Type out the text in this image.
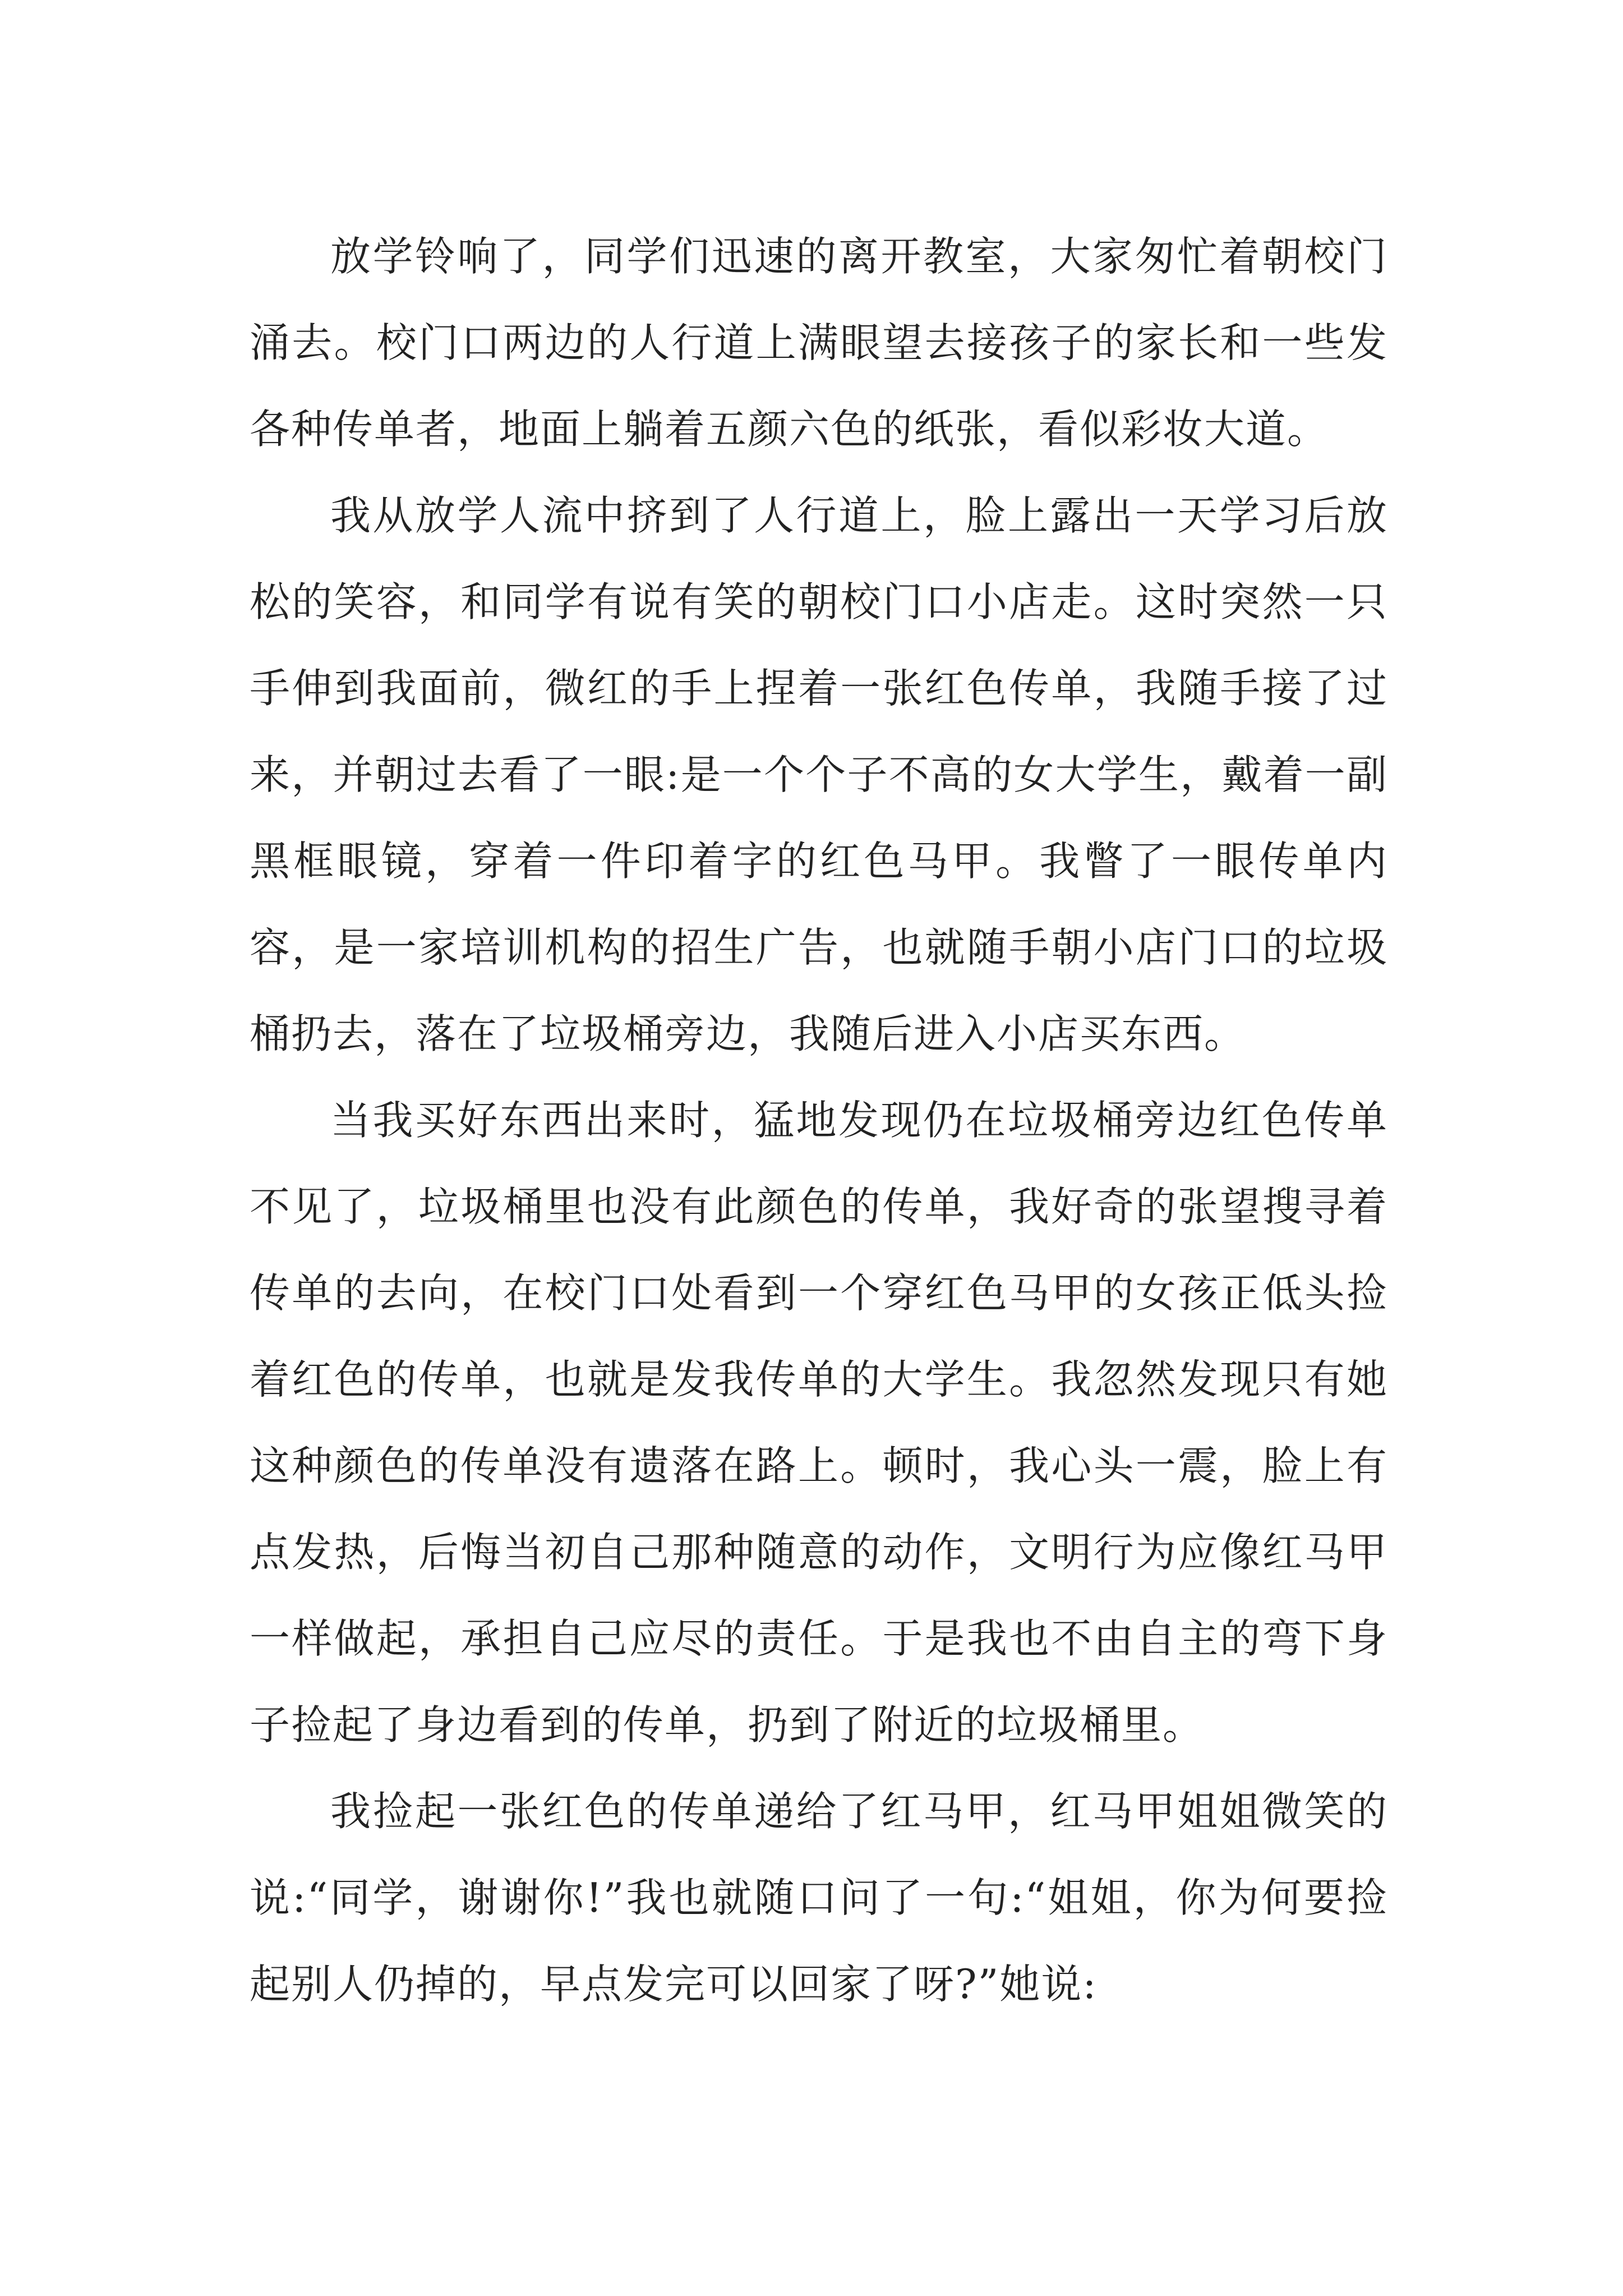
放学铃响了，同学们迅速的离开教室，大家匆忙着朝校门涌去。校门口两边的人行道上满眼望去接孩子的家长和一些发各种传单者，地面上躺着五颜六色的纸张，看似彩妆大道。

我从放学人流中挤到了人行道上，脸上露出一天学习后放松的笑容，和同学有说有笑的朝校门口小店走。这时突然一只手伸到我面前，微红的手上捏着一张红色传单，我随手接了过来，并朝过去看了一眼:是一个个子不高的女大学生，戴着一副黑框眼镜，穿着一件印着字的红色马甲。我瞥了一眼传单内容，是一家培训机构的招生广告，也就随手朝小店门口的垃圾桶扔去，落在了垃圾桶旁边，我随后进入小店买东西。

当我买好东西出来时，猛地发现仍在垃圾桶旁边红色传单不见了，垃圾桶里也没有此颜色的传单，我好奇的张望搜寻着传单的去向，在校门口处看到一个穿红色马甲的女孩正低头捡着红色的传单，也就是发我传单的大学生。我忽然发现只有她这种颜色的传单没有遗落在路上。顿时，我心头一震，脸上有点发热，后悔当初自己那种随意的动作，文明行为应像红马甲一样做起，承担自己应尽的责任。于是我也不由自主的弯下身子捡起了身边看到的传单，扔到了附近的垃圾桶里。

我捡起一张红色的传单递给了红马甲，红马甲姐姐微笑的说:“同学，谢谢你!”我也就随口问了一句:“姐姐，你为何要捡起别人仍掉的，早点发完可以回家了呀?”她说:
